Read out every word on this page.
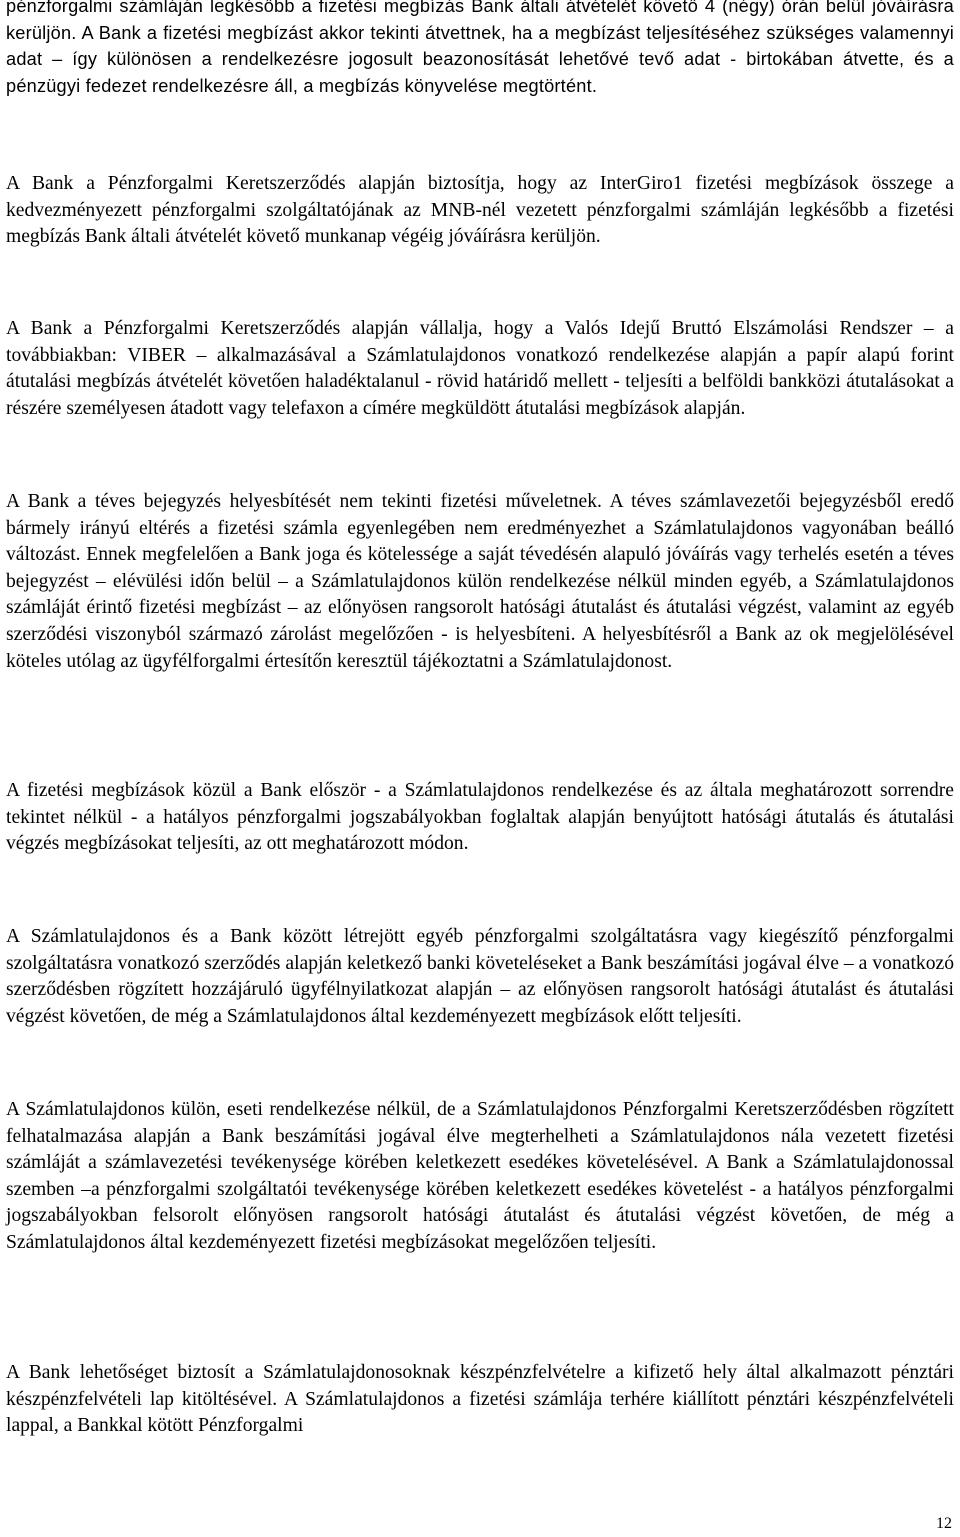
pénzforgalmi számláján legkésőbb a fizetési megbízás Bank általi átvételét követő 4 (négy) órán belül jóváírásra kerüljön. A Bank a fizetési megbízást akkor tekinti átvettnek, ha a megbízást teljesítéséhez szükséges valamennyi adat – így különösen a rendelkezésre jogosult beazonosítását lehetővé tevő adat - birtokában átvette, és a pénzügyi fedezet rendelkezésre áll, a megbízás könyvelése megtörtént.

A Bank a Pénzforgalmi Keretszerződés alapján biztosítja, hogy az InterGiro1 fizetési megbízások összege a kedvezményezett pénzforgalmi szolgáltatójának az MNB-nél vezetett pénzforgalmi számláján legkésőbb a fizetési megbízás Bank általi átvételét követő munkanap végéig jóváírásra kerüljön.

A Bank a Pénzforgalmi Keretszerződés alapján vállalja, hogy a Valós Idejű Bruttó Elszámolási Rendszer – a továbbiakban: VIBER – alkalmazásával a Számlatulajdonos vonatkozó rendelkezése alapján a papír alapú forint átutalási megbízás átvételét követően haladéktalanul - rövid határidő mellett - teljesíti a belföldi bankközi átutalásokat a részére személyesen átadott vagy telefaxon a címére megküldött átutalási megbízások alapján.

A Bank a téves bejegyzés helyesbítését nem tekinti fizetési műveletnek. A téves számlavezetői bejegyzésből eredő bármely irányú eltérés a fizetési számla egyenlegében nem eredményezhet a Számlatulajdonos vagyonában beálló változást. Ennek megfelelően a Bank joga és kötelessége a saját tévedésén alapuló jóváírás vagy terhelés esetén a téves bejegyzést – elévülési időn belül – a Számlatulajdonos külön rendelkezése nélkül minden egyéb, a Számlatulajdonos számláját érintő fizetési megbízást – az előnyösen rangsorolt hatósági átutalást és átutalási végzést, valamint az egyéb szerződési viszonyból származó zárolást megelőzően - is helyesbíteni. A helyesbítésről a Bank az ok megjelölésével köteles utólag az ügyfélforgalmi értesítőn keresztül tájékoztatni a Számlatulajdonost.

A fizetési megbízások közül a Bank először - a Számlatulajdonos rendelkezése és az általa meghatározott sorrendre tekintet nélkül - a hatályos pénzforgalmi jogszabályokban foglaltak alapján benyújtott hatósági átutalás és átutalási végzés megbízásokat teljesíti, az ott meghatározott módon.

A Számlatulajdonos és a Bank között létrejött egyéb pénzforgalmi szolgáltatásra vagy kiegészítő pénzforgalmi szolgáltatásra vonatkozó szerződés alapján keletkező banki követeléseket a Bank beszámítási jogával élve – a vonatkozó szerződésben rögzített hozzájáruló ügyfélnyilatkozat alapján – az előnyösen rangsorolt hatósági átutalást és átutalási végzést követően, de még a Számlatulajdonos által kezdeményezett megbízások előtt teljesíti.

A Számlatulajdonos külön, eseti rendelkezése nélkül, de a Számlatulajdonos Pénzforgalmi Keretszerződésben rögzített felhatalmazása alapján a Bank beszámítási jogával élve megterhelheti a Számlatulajdonos nála vezetett fizetési számláját a számlavezetési tevékenysége körében keletkezett esedékes követelésével. A Bank a Számlatulajdonossal szemben –a pénzforgalmi szolgáltatói tevékenysége körében keletkezett esedékes követelést - a hatályos pénzforgalmi jogszabályokban felsorolt előnyösen rangsorolt hatósági átutalást és átutalási végzést követően, de még a Számlatulajdonos által kezdeményezett fizetési megbízásokat megelőzően teljesíti.

A Bank lehetőséget biztosít a Számlatulajdonosoknak készpénzfelvételre a kifizető hely által alkalmazott pénztári készpénzfelvételi lap kitöltésével. A Számlatulajdonos a fizetési számlája terhére kiállított pénztári készpénzfelvételi lappal, a Bankkal kötött Pénzforgalmi

12
